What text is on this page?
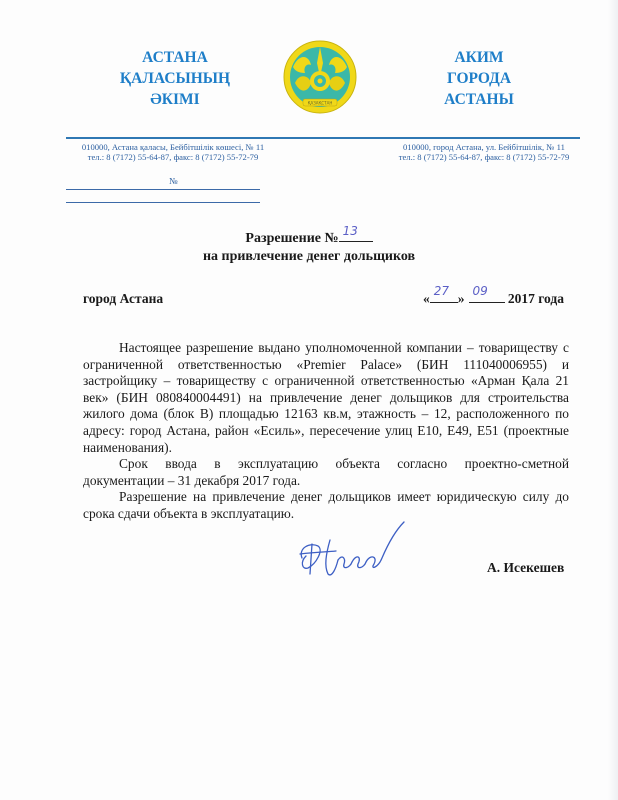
АСТАНА
ҚАЛАСЫНЫҢ
ӘКІМІ	ҚАЗАҚСТАН
АКИМ
ГОРОДА
АСТАНЫ
010000, Астана қаласы, Бейбітшілік көшесі, № 11
тел.: 8 (7172) 55-64-87, факс: 8 (7172) 55-72-79
010000, город Астана, ул. Бейбітшілік, № 11
тел.: 8 (7172) 55-64-87, факс: 8 (7172) 55-72-79
№
Разрешение № 13
на привлечение денег дольщиков
город Астана	« 27 » 09 2017 года

Настоящее разрешение выдано уполномоченной компании – товариществу с ограниченной ответственностью «Premier Palace» (БИН 111040006955) и застройщику – товариществу с ограниченной ответственностью «Арман Қала 21 век» (БИН 080840004491) на привлечение денег дольщиков для строительства жилого дома (блок В) площадью 12163 кв.м, этажность – 12, расположенного по адресу: город Астана, район «Есиль», пересечение улиц Е10, Е49, Е51 (проектные наименования).

Срок ввода в эксплуатацию объекта согласно проектно-сметной документации – 31 декабря 2017 года.

Разрешение на привлечение денег дольщиков имеет юридическую силу до срока сдачи объекта в эксплуатацию.

А. Исекешев
